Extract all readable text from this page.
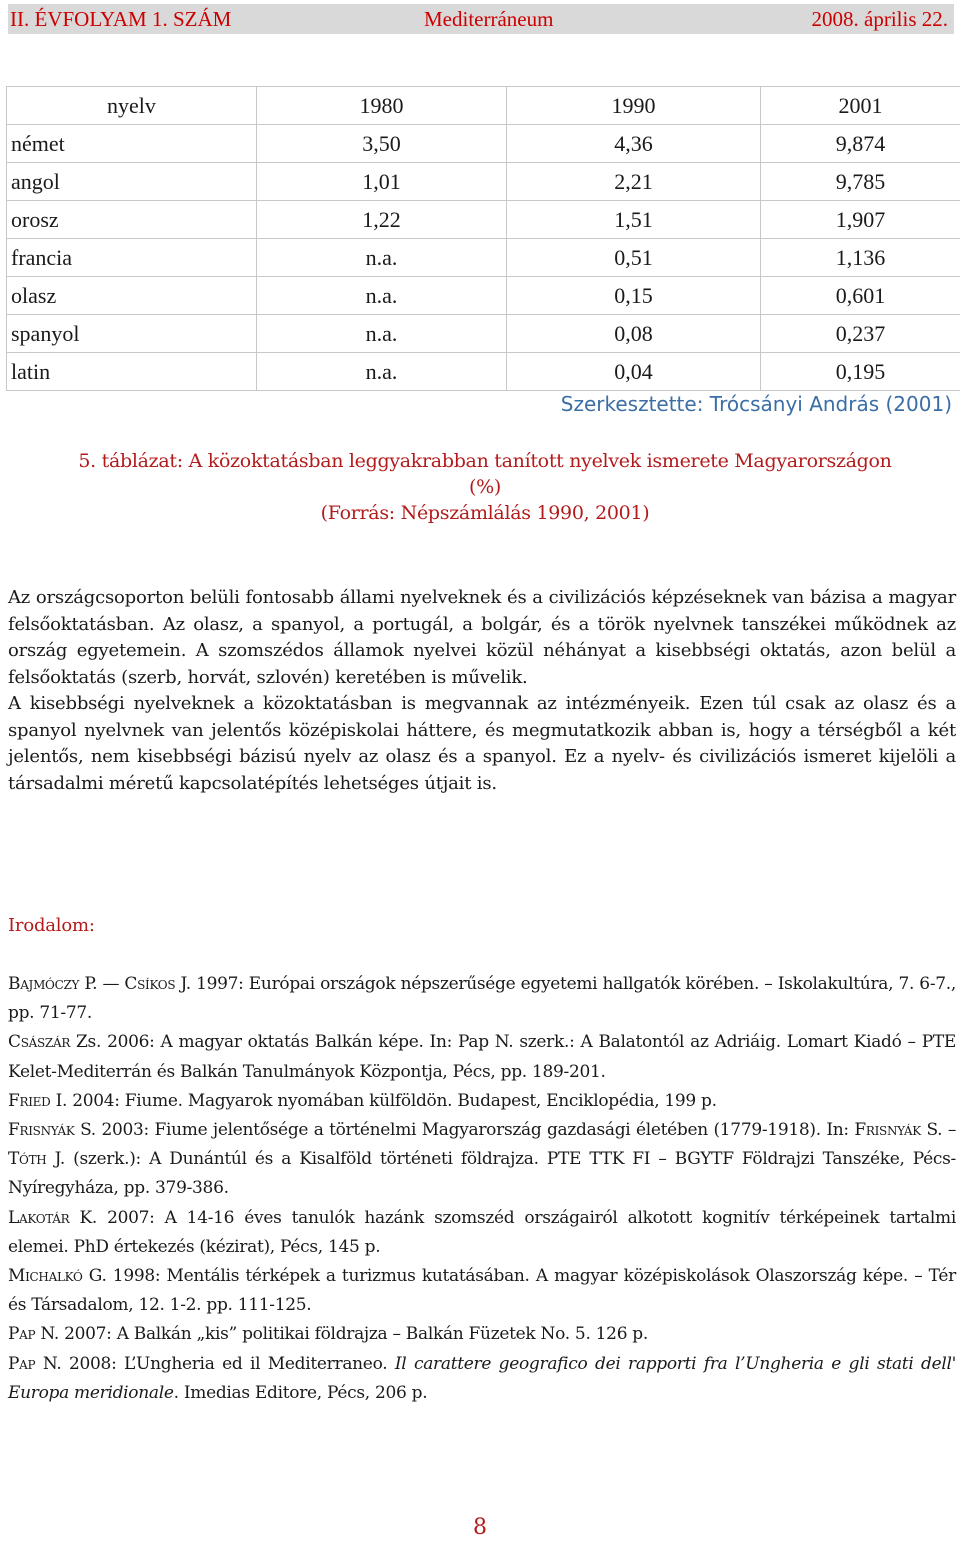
II. ÉVFOLYAM 1. SZÁM	Mediterráneum	2008. április 22.
nyelv	1980	1990	2001
német	3,50	4,36	9,874
angol	1,01	2,21	9,785
orosz	1,22	1,51	1,907
francia	n.a.	0,51	1,136
olasz	n.a.	0,15	0,601
spanyol	n.a.	0,08	0,237
latin	n.a.	0,04	0,195
Szerkesztette: Trócsányi András (2001)
5. táblázat: A közoktatásban leggyakrabban tanított nyelvek ismerete Magyarországon
(%)
(Forrás: Népszámlálás 1990, 2001)

Az országcsoporton belüli fontosabb állami nyelveknek és a civilizációs képzéseknek van bázisa a magyar felsőoktatásban. Az olasz, a spanyol, a portugál, a bolgár, és a török nyelvnek tanszékei működnek az ország egyetemein. A szomszédos államok nyelvei közül néhányat a kisebbségi oktatás, azon belül a felsőoktatás (szerb, horvát, szlovén) keretében is művelik.

A kisebbségi nyelveknek a közoktatásban is megvannak az intézményeik. Ezen túl csak az olasz és a spanyol nyelvnek van jelentős középiskolai háttere, és megmutatkozik abban is, hogy a térségből a két jelentős, nem kisebbségi bázisú nyelv az olasz és a spanyol. Ez a nyelv- és civilizációs ismeret kijelöli a társadalmi méretű kapcsolatépítés lehetséges útjait is.

Irodalom:

Bajmóczy P. — Csíkos J. 1997: Európai országok népszerűsége egyetemi hallgatók körében. – Iskolakultúra, 7. 6-7., pp. 71-77.

Császár Zs. 2006: A magyar oktatás Balkán képe. In: Pap N. szerk.: A Balatontól az Adriáig. Lomart Kiadó – PTE Kelet-Mediterrán és Balkán Tanulmányok Központja, Pécs, pp. 189-201.

Fried I. 2004: Fiume. Magyarok nyomában külföldön. Budapest, Enciklopédia, 199 p.

Frisnyák S. 2003: Fiume jelentősége a történelmi Magyarország gazdasági életében (1779-1918). In: Frisnyák S. – Tóth J. (szerk.): A Dunántúl és a Kisalföld történeti földrajza. PTE TTK FI – BGYTF Földrajzi Tanszéke, Pécs-Nyíregyháza, pp. 379-386.

Lakotár K. 2007: A 14-16 éves tanulók hazánk szomszéd országairól alkotott kognitív térképeinek tartalmi elemei. PhD értekezés (kézirat), Pécs, 145 p.

Michalkó G. 1998: Mentális térképek a turizmus kutatásában. A magyar középiskolások Olaszország képe. – Tér és Társadalom, 12. 1-2. pp. 111-125.

Pap N. 2007: A Balkán „kis” politikai földrajza – Balkán Füzetek No. 5. 126 p.

Pap N. 2008: L’Ungheria ed il Mediterraneo. Il carattere geografico dei rapporti fra l’Ungheria e gli stati dell' Europa meridionale. Imedias Editore, Pécs, 206 p.

8
